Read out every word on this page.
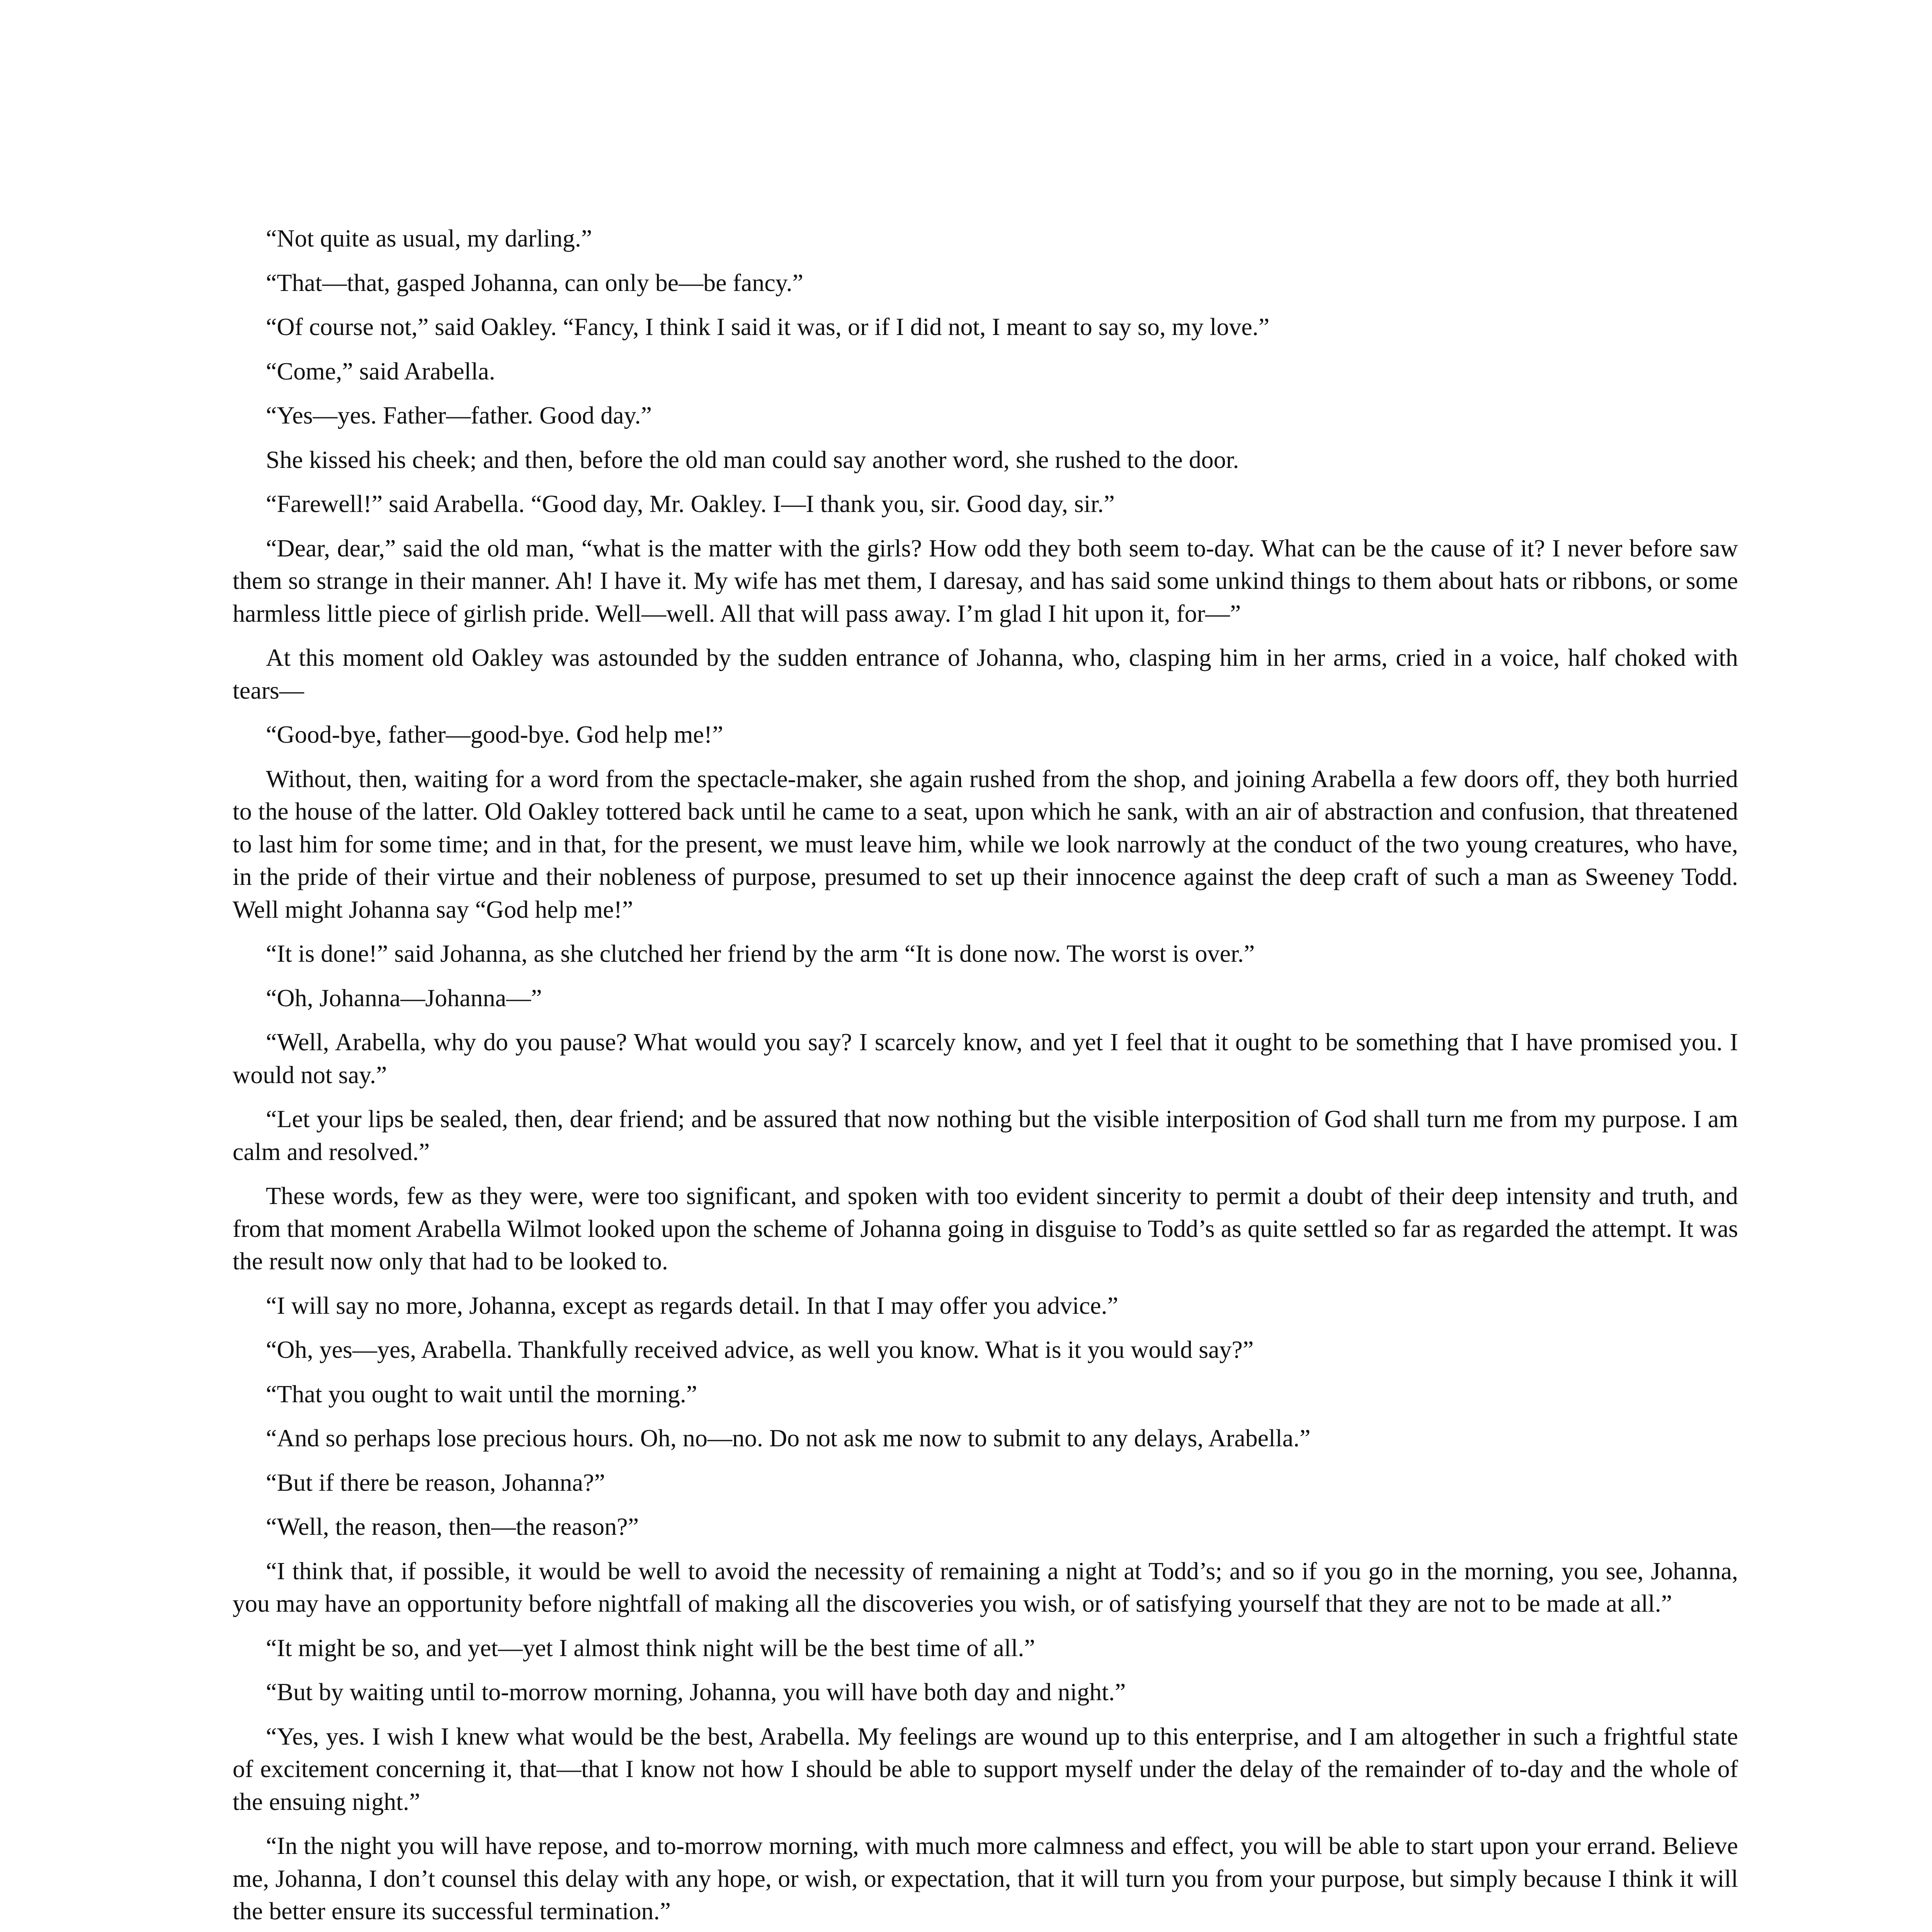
“Not quite as usual, my darling.”

“That—that, gasped Johanna, can only be—be fancy.”

“Of course not,” said Oakley. “Fancy, I think I said it was, or if I did not, I meant to say so, my love.”

“Come,” said Arabella.

“Yes—yes. Father—father. Good day.”

She kissed his cheek; and then, before the old man could say another word, she rushed to the door.

“Farewell!” said Arabella. “Good day, Mr. Oakley. I—I thank you, sir. Good day, sir.”

“Dear, dear,” said the old man, “what is the matter with the girls? How odd they both seem to-day. What can be the cause of it? I never before saw them so strange in their manner. Ah! I have it. My wife has met them, I daresay, and has said some unkind things to them about hats or ribbons, or some harmless little piece of girlish pride. Well—well. All that will pass away. I’m glad I hit upon it, for—”

At this moment old Oakley was astounded by the sudden entrance of Johanna, who, clasping him in her arms, cried in a voice, half choked with tears—

“Good-bye, father—good-bye. God help me!”

Without, then, waiting for a word from the spectacle-maker, she again rushed from the shop, and joining Arabella a few doors off, they both hurried to the house of the latter. Old Oakley tottered back until he came to a seat, upon which he sank, with an air of abstraction and confusion, that threatened to last him for some time; and in that, for the present, we must leave him, while we look narrowly at the conduct of the two young creatures, who have, in the pride of their virtue and their nobleness of purpose, presumed to set up their innocence against the deep craft of such a man as Sweeney Todd. Well might Johanna say “God help me!”

“It is done!” said Johanna, as she clutched her friend by the arm “It is done now. The worst is over.”

“Oh, Johanna—Johanna—”

“Well, Arabella, why do you pause? What would you say? I scarcely know, and yet I feel that it ought to be something that I have promised you. I would not say.”

“Let your lips be sealed, then, dear friend; and be assured that now nothing but the visible interposition of God shall turn me from my purpose. I am calm and resolved.”

These words, few as they were, were too significant, and spoken with too evident sincerity to permit a doubt of their deep intensity and truth, and from that moment Arabella Wilmot looked upon the scheme of Johanna going in disguise to Todd’s as quite settled so far as regarded the attempt. It was the result now only that had to be looked to.

“I will say no more, Johanna, except as regards detail. In that I may offer you advice.”

“Oh, yes—yes, Arabella. Thankfully received advice, as well you know. What is it you would say?”

“That you ought to wait until the morning.”

“And so perhaps lose precious hours. Oh, no—no. Do not ask me now to submit to any delays, Arabella.”

“But if there be reason, Johanna?”

“Well, the reason, then—the reason?”

“I think that, if possible, it would be well to avoid the necessity of remaining a night at Todd’s; and so if you go in the morning, you see, Johanna, you may have an opportunity before nightfall of making all the discoveries you wish, or of satisfying yourself that they are not to be made at all.”

“It might be so, and yet—yet I almost think night will be the best time of all.”

“But by waiting until to-morrow morning, Johanna, you will have both day and night.”

“Yes, yes. I wish I knew what would be the best, Arabella. My feelings are wound up to this enterprise, and I am altogether in such a frightful state of excitement concerning it, that—that I know not how I should be able to support myself under the delay of the remainder of to-day and the whole of the ensuing night.”

“In the night you will have repose, and to-morrow morning, with much more calmness and effect, you will be able to start upon your errand. Believe me, Johanna, I don’t counsel this delay with any hope, or wish, or expectation, that it will turn you from your purpose, but simply because I think it will the better ensure its successful termination.”
